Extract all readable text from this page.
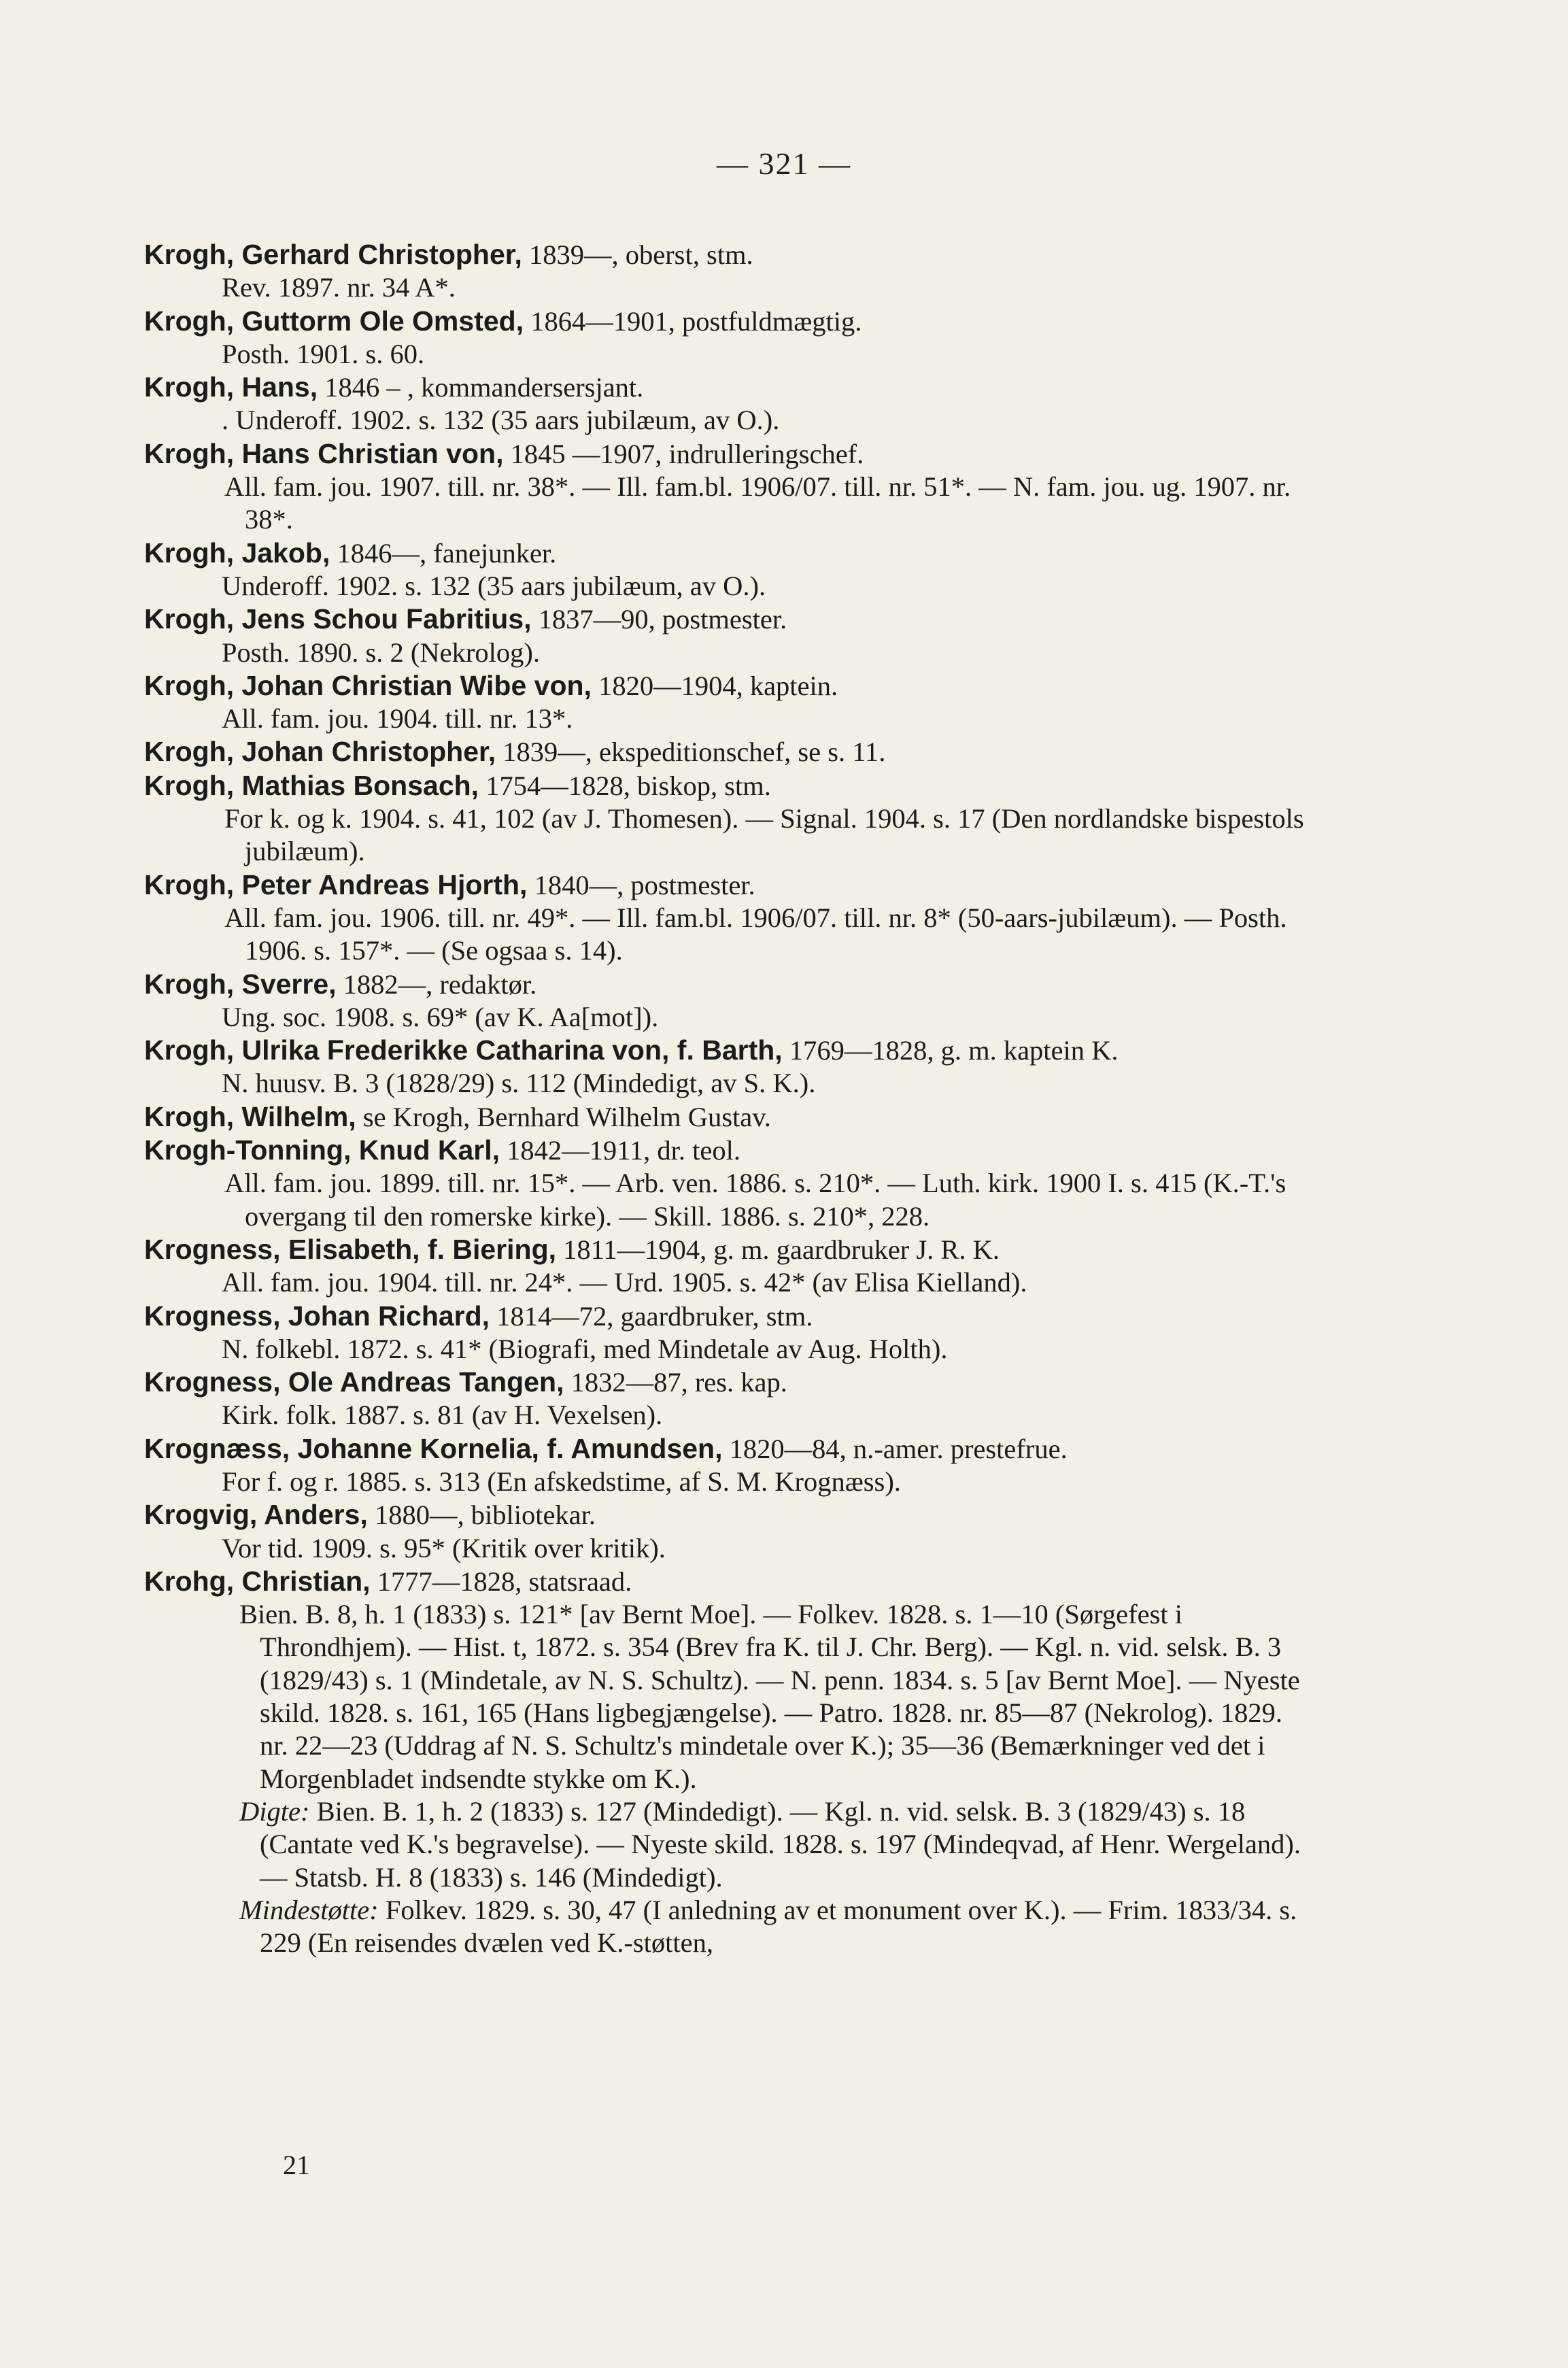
— 321 —

Krogh, Gerhard Christopher, 1839—, oberst, stm.

Rev. 1897. nr. 34 A*.

Krogh, Guttorm Ole Omsted, 1864—1901, postfuldmægtig.

Posth. 1901. s. 60.

Krogh, Hans, 1846 – , kommandersersjant.

. Underoff. 1902. s. 132 (35 aars jubilæum, av O.).

Krogh, Hans Christian von, 1845 —1907, indrulleringschef.

All. fam. jou. 1907. till. nr. 38*. — Ill. fam.bl. 1906/07. till. nr. 51*. — N. fam. jou. ug. 1907. nr. 38*.

Krogh, Jakob, 1846—, fanejunker.

Underoff. 1902. s. 132 (35 aars jubilæum, av O.).

Krogh, Jens Schou Fabritius, 1837—90, postmester.

Posth. 1890. s. 2 (Nekrolog).

Krogh, Johan Christian Wibe von, 1820—1904, kaptein.

All. fam. jou. 1904. till. nr. 13*.

Krogh, Johan Christopher, 1839—, ekspeditionschef, se s. 11.

Krogh, Mathias Bonsach, 1754—1828, biskop, stm.

For k. og k. 1904. s. 41, 102 (av J. Thomesen). — Signal. 1904. s. 17 (Den nordlandske bispestols jubilæum).

Krogh, Peter Andreas Hjorth, 1840—, postmester.

All. fam. jou. 1906. till. nr. 49*. — Ill. fam.bl. 1906/07. till. nr. 8* (50-aars-jubilæum). — Posth. 1906. s. 157*. — (Se ogsaa s. 14).

Krogh, Sverre, 1882—, redaktør.

Ung. soc. 1908. s. 69* (av K. Aa[mot]).

Krogh, Ulrika Frederikke Catharina von, f. Barth, 1769—1828, g. m. kaptein K.

N. huusv. B. 3 (1828/29) s. 112 (Mindedigt, av S. K.).

Krogh, Wilhelm, se Krogh, Bernhard Wilhelm Gustav.

Krogh-Tonning, Knud Karl, 1842—1911, dr. teol.

All. fam. jou. 1899. till. nr. 15*. — Arb. ven. 1886. s. 210*. — Luth. kirk. 1900 I. s. 415 (K.-T.'s overgang til den romerske kirke). — Skill. 1886. s. 210*, 228.

Krogness, Elisabeth, f. Biering, 1811—1904, g. m. gaardbruker J. R. K.

All. fam. jou. 1904. till. nr. 24*. — Urd. 1905. s. 42* (av Elisa Kielland).

Krogness, Johan Richard, 1814—72, gaardbruker, stm.

N. folkebl. 1872. s. 41* (Biografi, med Mindetale av Aug. Holth).

Krogness, Ole Andreas Tangen, 1832—87, res. kap.

Kirk. folk. 1887. s. 81 (av H. Vexelsen).

Krognæss, Johanne Kornelia, f. Amundsen, 1820—84, n.-amer. prestefrue.

For f. og r. 1885. s. 313 (En afskedstime, af S. M. Krognæss).

Krogvig, Anders, 1880—, bibliotekar.

Vor tid. 1909. s. 95* (Kritik over kritik).

Krohg, Christian, 1777—1828, statsraad.

Bien. B. 8, h. 1 (1833) s. 121* [av Bernt Moe]. — Folkev. 1828. s. 1—10 (Sørgefest i Throndhjem). — Hist. t, 1872. s. 354 (Brev fra K. til J. Chr. Berg). — Kgl. n. vid. selsk. B. 3 (1829/43) s. 1 (Mindetale, av N. S. Schultz). — N. penn. 1834. s. 5 [av Bernt Moe]. — Nyeste skild. 1828. s. 161, 165 (Hans ligbegjængelse). — Patro. 1828. nr. 85—87 (Nekrolog). 1829. nr. 22—23 (Uddrag af N. S. Schultz's mindetale over K.); 35—36 (Bemærkninger ved det i Morgenbladet indsendte stykke om K.).

Digte: Bien. B. 1, h. 2 (1833) s. 127 (Mindedigt). — Kgl. n. vid. selsk. B. 3 (1829/43) s. 18 (Cantate ved K.'s begravelse). — Nyeste skild. 1828. s. 197 (Mindeqvad, af Henr. Wergeland). — Statsb. H. 8 (1833) s. 146 (Mindedigt).

Mindestøtte: Folkev. 1829. s. 30, 47 (I anledning av et monument over K.). — Frim. 1833/34. s. 229 (En reisendes dvælen ved K.-støtten,

21
